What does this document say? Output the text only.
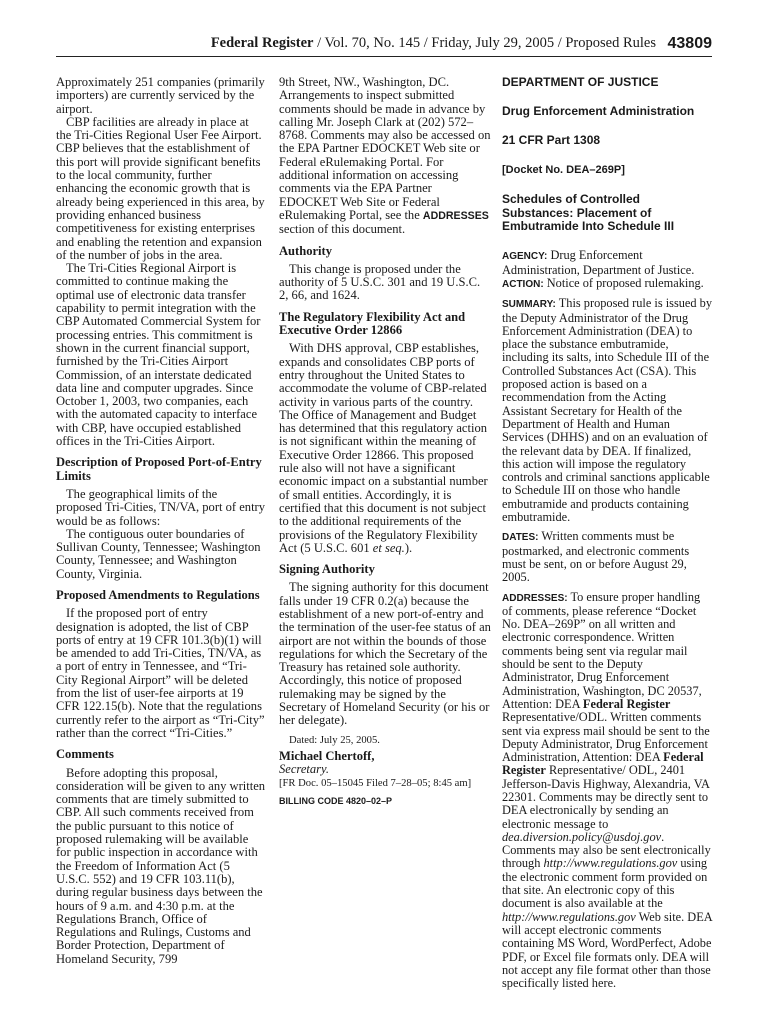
Federal Register / Vol. 70, No. 145 / Friday, July 29, 2005 / Proposed Rules 43809

Approximately 251 companies (primarily importers) are currently serviced by the airport.

CBP facilities are already in place at the Tri-Cities Regional User Fee Airport. CBP believes that the establishment of this port will provide significant benefits to the local community, further enhancing the economic growth that is already being experienced in this area, by providing enhanced business competitiveness for existing enterprises and enabling the retention and expansion of the number of jobs in the area.

The Tri-Cities Regional Airport is committed to continue making the optimal use of electronic data transfer capability to permit integration with the CBP Automated Commercial System for processing entries. This commitment is shown in the current financial support, furnished by the Tri-Cities Airport Commission, of an interstate dedicated data line and computer upgrades. Since October 1, 2003, two companies, each with the automated capacity to interface with CBP, have occupied established offices in the Tri-Cities Airport.

Description of Proposed Port-of-Entry Limits

The geographical limits of the proposed Tri-Cities, TN/VA, port of entry would be as follows:

The contiguous outer boundaries of Sullivan County, Tennessee; Washington County, Tennessee; and Washington County, Virginia.

Proposed Amendments to Regulations

If the proposed port of entry designation is adopted, the list of CBP ports of entry at 19 CFR 101.3(b)(1) will be amended to add Tri-Cities, TN/VA, as a port of entry in Tennessee, and “Tri-City Regional Airport” will be deleted from the list of user-fee airports at 19 CFR 122.15(b). Note that the regulations currently refer to the airport as “Tri-City” rather than the correct “Tri-Cities.”

Comments

Before adopting this proposal, consideration will be given to any written comments that are timely submitted to CBP. All such comments received from the public pursuant to this notice of proposed rulemaking will be available for public inspection in accordance with the Freedom of Information Act (5 U.S.C. 552) and 19 CFR 103.11(b), during regular business days between the hours of 9 a.m. and 4:30 p.m. at the Regulations Branch, Office of Regulations and Rulings, Customs and Border Protection, Department of Homeland Security, 799

9th Street, NW., Washington, DC. Arrangements to inspect submitted comments should be made in advance by calling Mr. Joseph Clark at (202) 572–8768. Comments may also be accessed on the EPA Partner EDOCKET Web site or Federal eRulemaking Portal. For additional information on accessing comments via the EPA Partner EDOCKET Web Site or Federal eRulemaking Portal, see the ADDRESSES section of this document.

Authority

This change is proposed under the authority of 5 U.S.C. 301 and 19 U.S.C. 2, 66, and 1624.

The Regulatory Flexibility Act and Executive Order 12866

With DHS approval, CBP establishes, expands and consolidates CBP ports of entry throughout the United States to accommodate the volume of CBP-related activity in various parts of the country. The Office of Management and Budget has determined that this regulatory action is not significant within the meaning of Executive Order 12866. This proposed rule also will not have a significant economic impact on a substantial number of small entities. Accordingly, it is certified that this document is not subject to the additional requirements of the provisions of the Regulatory Flexibility Act (5 U.S.C. 601 et seq.).

Signing Authority

The signing authority for this document falls under 19 CFR 0.2(a) because the establishment of a new port-of-entry and the termination of the user-fee status of an airport are not within the bounds of those regulations for which the Secretary of the Treasury has retained sole authority. Accordingly, this notice of proposed rulemaking may be signed by the Secretary of Homeland Security (or his or her delegate).

Dated: July 25, 2005.

Michael Chertoff,

Secretary.

[FR Doc. 05–15045 Filed 7–28–05; 8:45 am]

BILLING CODE 4820–02–P

DEPARTMENT OF JUSTICE

Drug Enforcement Administration

21 CFR Part 1308

[Docket No. DEA–269P]

Schedules of Controlled Substances: Placement of Embutramide Into Schedule III

AGENCY: Drug Enforcement Administration, Department of Justice.

ACTION: Notice of proposed rulemaking.

SUMMARY: This proposed rule is issued by the Deputy Administrator of the Drug Enforcement Administration (DEA) to place the substance embutramide, including its salts, into Schedule III of the Controlled Substances Act (CSA). This proposed action is based on a recommendation from the Acting Assistant Secretary for Health of the Department of Health and Human Services (DHHS) and on an evaluation of the relevant data by DEA. If finalized, this action will impose the regulatory controls and criminal sanctions applicable to Schedule III on those who handle embutramide and products containing embutramide.

DATES: Written comments must be postmarked, and electronic comments must be sent, on or before August 29, 2005.

ADDRESSES: To ensure proper handling of comments, please reference “Docket No. DEA–269P” on all written and electronic correspondence. Written comments being sent via regular mail should be sent to the Deputy Administrator, Drug Enforcement Administration, Washington, DC 20537, Attention: DEA Federal Register Representative/ODL. Written comments sent via express mail should be sent to the Deputy Administrator, Drug Enforcement Administration, Attention: DEA Federal Register Representative/ ODL, 2401 Jefferson-Davis Highway, Alexandria, VA 22301. Comments may be directly sent to DEA electronically by sending an electronic message to dea.diversion.policy@usdoj.gov. Comments may also be sent electronically through http://www.regulations.gov using the electronic comment form provided on that site. An electronic copy of this document is also available at the http://www.regulations.gov Web site. DEA will accept electronic comments containing MS Word, WordPerfect, Adobe PDF, or Excel file formats only. DEA will not accept any file format other than those specifically listed here.
